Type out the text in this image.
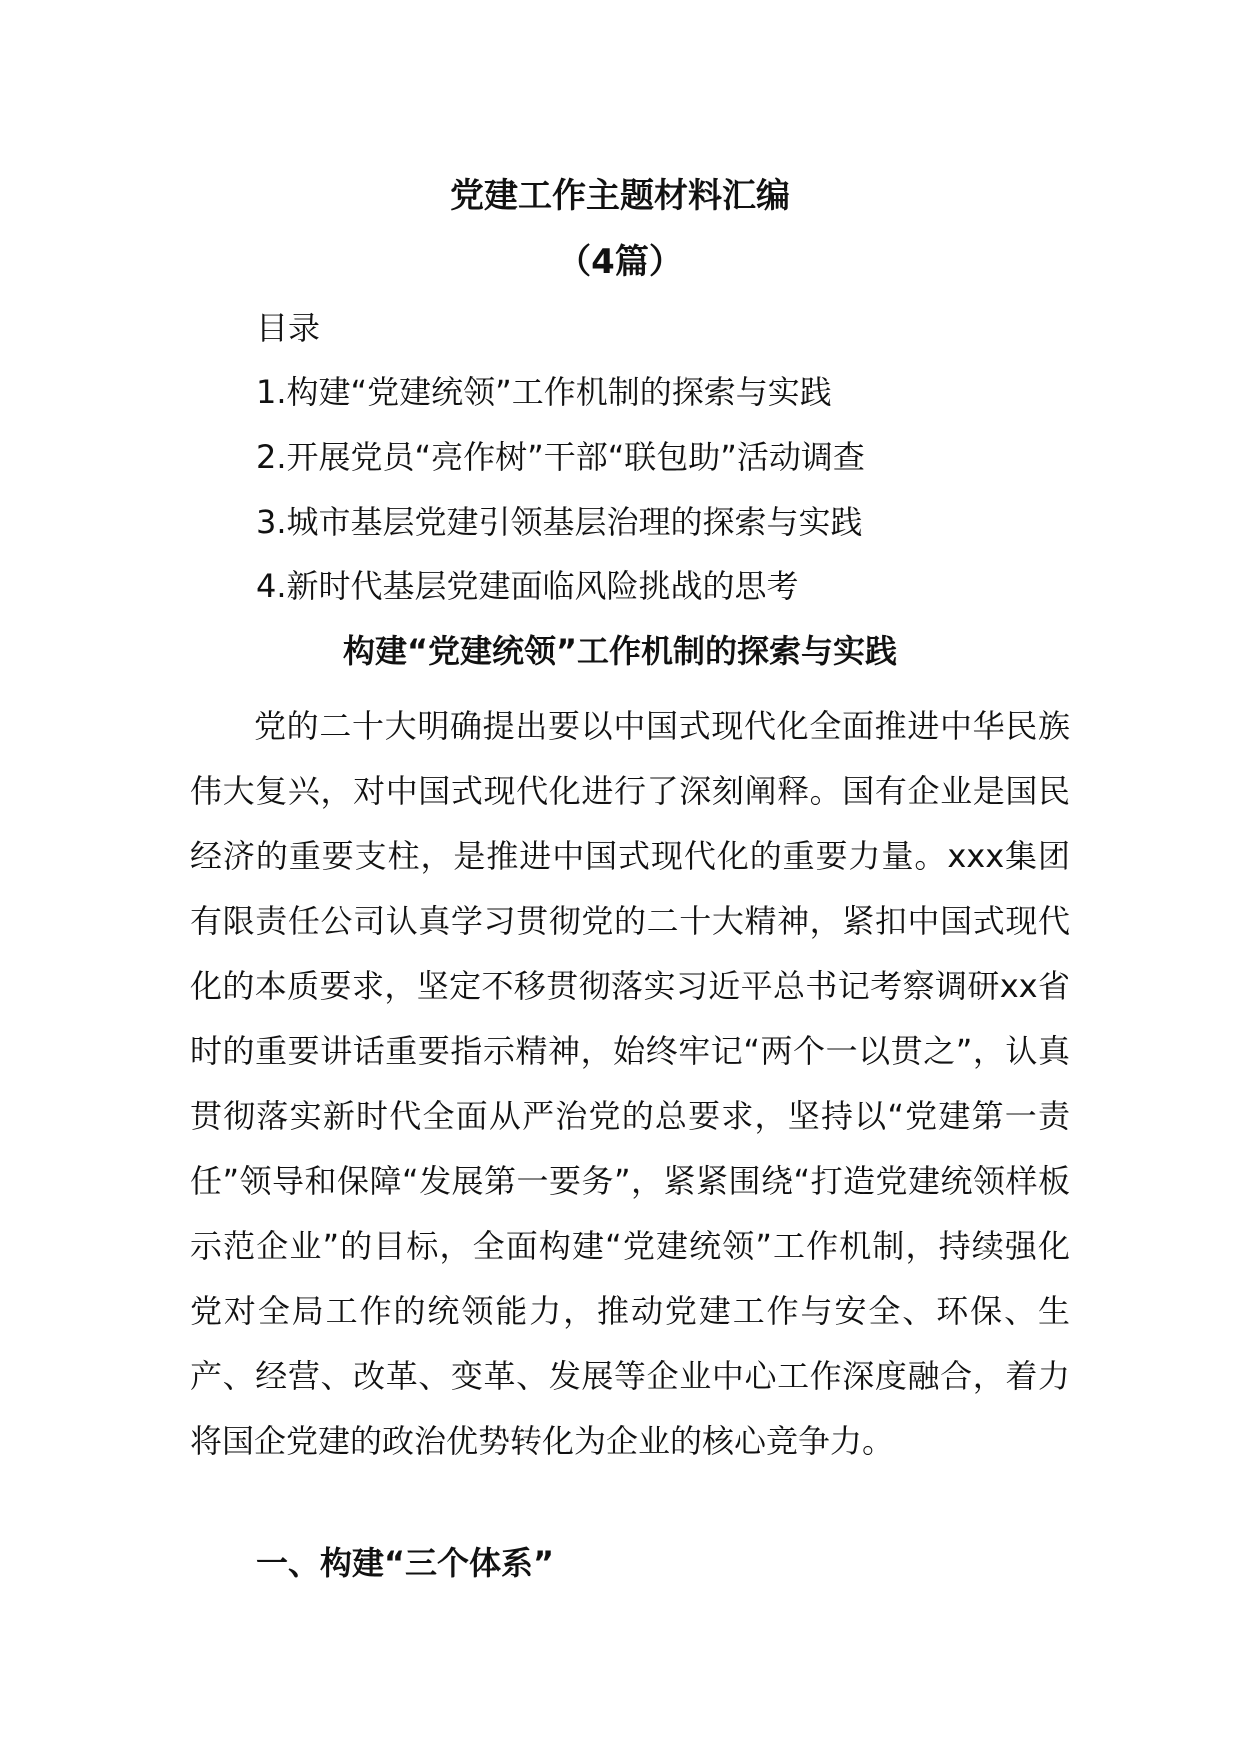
党建工作主题材料汇编
（4篇）
目录
1.构建“党建统领”工作机制的探索与实践
2.开展党员“亮作树”干部“联包助”活动调查
3.城市基层党建引领基层治理的探索与实践
4.新时代基层党建面临风险挑战的思考
构建“党建统领”工作机制的探索与实践

党的二十大明确提出要以中国式现代化全面推进中华民族伟大复兴，对中国式现代化进行了深刻阐释。国有企业是国民经济的重要支柱，是推进中国式现代化的重要力量。xxx集团有限责任公司认真学习贯彻党的二十大精神，紧扣中国式现代化的本质要求，坚定不移贯彻落实习近平总书记考察调研xx省时的重要讲话重要指示精神，始终牢记“两个一以贯之”，认真贯彻落实新时代全面从严治党的总要求，坚持以“党建第一责任”领导和保障“发展第一要务”，紧紧围绕“打造党建统领样板示范企业”的目标，全面构建“党建统领”工作机制，持续强化党对全局工作的统领能力，推动党建工作与安全、环保、生产、经营、改革、变革、发展等企业中心工作深度融合，着力将国企党建的政治优势转化为企业的核心竞争力。

一、构建“三个体系”
